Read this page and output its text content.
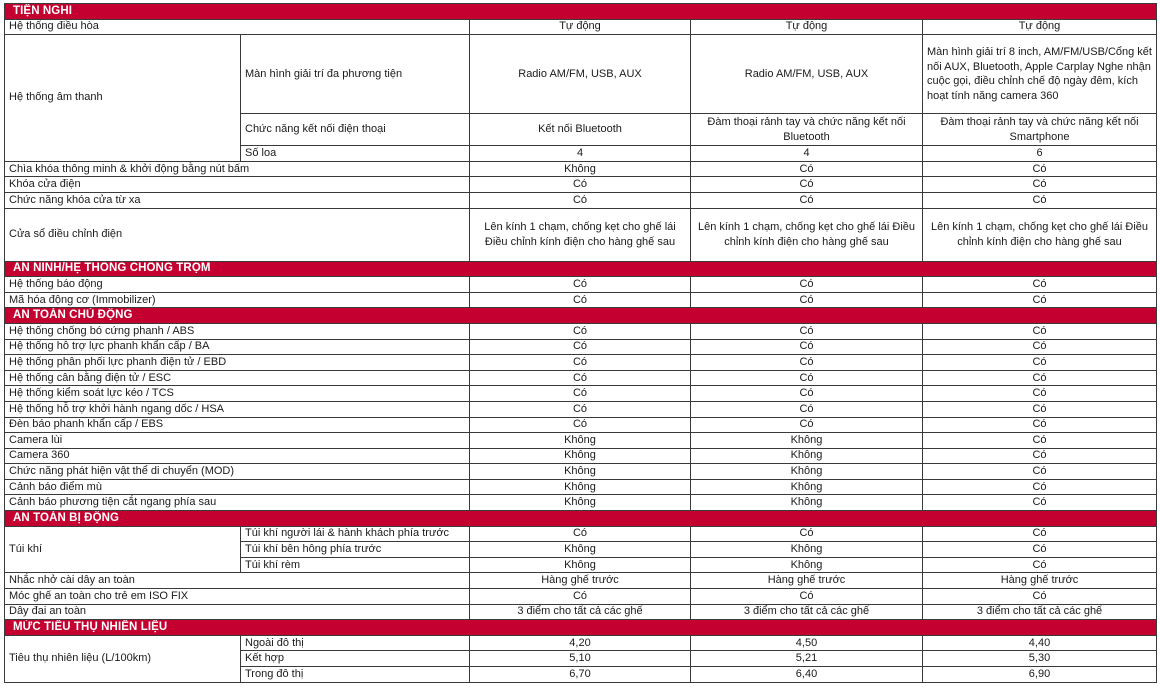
TIỆN NGHI				
Hệ thống điều hòa		Tự động	Tự động	Tự động
Hệ thống âm thanh	Màn hình giải trí đa phương tiện	Radio AM/FM, USB, AUX	Radio AM/FM, USB, AUX	Màn hình giải trí 8 inch, AM/FM/USB/Cổng kết nối AUX, Bluetooth, Apple Carplay Nghe nhận cuộc gọi, điều chỉnh chế độ ngày đêm, kích hoạt tính năng camera 360
	Chức năng kết nối điện thoại	Kết nối Bluetooth	Đàm thoại rảnh tay và chức năng kết nối Bluetooth	Đàm thoại rảnh tay và chức năng kết nối Smartphone
	Số loa	4	4	6
Chìa khóa thông minh & khởi động bằng nút bấm		Không	Có	Có
Khóa cửa điện		Có	Có	Có
Chức năng khóa cửa từ xa		Có	Có	Có
Cửa sổ điều chỉnh điện		Lên kính 1 chạm, chống kẹt cho ghế lái Điều chỉnh kính điện cho hàng ghế sau	Lên kính 1 chạm, chống kẹt cho ghế lái Điều chỉnh kính điện cho hàng ghế sau	Lên kính 1 chạm, chống kẹt cho ghế lái Điều chỉnh kính điện cho hàng ghế sau
AN NINH/HỆ THỐNG CHỐNG TRỘM				
Hệ thống báo động		Có	Có	Có
Mã hóa động cơ (Immobilizer)		Có	Có	Có
AN TOÀN CHỦ ĐỘNG				
Hệ thống chống bó cứng phanh / ABS		Có	Có	Có
Hệ thống hỗ trợ lực phanh khẩn cấp / BA		Có	Có	Có
Hệ thống phân phối lực phanh điện tử / EBD		Có	Có	Có
Hệ thống cân bằng điện tử / ESC		Có	Có	Có
Hệ thống kiểm soát lực kéo / TCS		Có	Có	Có
Hệ thống hỗ trợ khởi hành ngang dốc / HSA		Có	Có	Có
Đèn báo phanh khẩn cấp / EBS		Có	Có	Có
Camera lùi		Không	Không	Có
Camera 360		Không	Không	Có
Chức năng phát hiện vật thể di chuyển (MOD)		Không	Không	Có
Cảnh báo điểm mù		Không	Không	Có
Cảnh báo phương tiện cắt ngang phía sau		Không	Không	Có
AN TOÀN BỊ ĐỘNG				
Túi khí	Túi khí người lái & hành khách phía trước	Có	Có	Có
	Túi khí bên hông phía trước	Không	Không	Có
	Túi khí rèm	Không	Không	Có
Nhắc nhở cài dây an toàn		Hàng ghế trước	Hàng ghế trước	Hàng ghế trước
Móc ghế an toàn cho trẻ em ISO FIX		Có	Có	Có
Dây đai an toàn		3 điểm cho tất cả các ghế	3 điểm cho tất cả các ghế	3 điểm cho tất cả các ghế
MỨC TIÊU THỤ NHIÊN LIỆU				
Tiêu thụ nhiên liệu (L/100km)	Ngoài đô thị	4,20	4,50	4,40
	Kết hợp	5,10	5,21	5,30
	Trong đô thị	6,70	6,40	6,90
